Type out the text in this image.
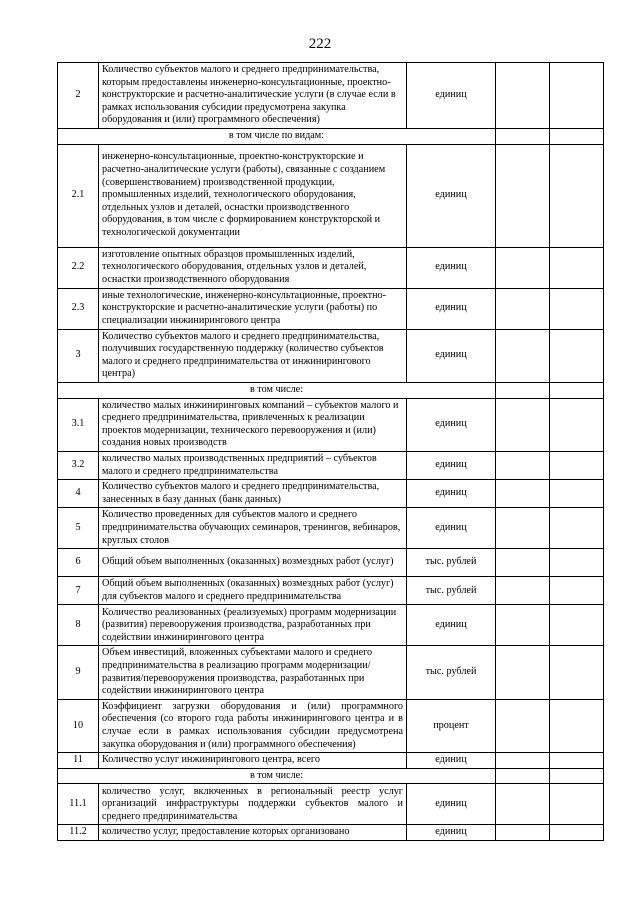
222
2	Количество субъектов малого и среднего предпринимательства, которым предоставлены инженерно-консультационные, проектно-конструкторские и расчетно-аналитические услуги (в случае если в рамках использования субсидии предусмотрена закупка оборудования и (или) программного обеспечения)	единиц		
в том числе по видам:				
2.1	инженерно-консультационные, проектно-конструкторские и расчетно-аналитические услуги (работы), связанные с созданием (совершенствованием) производственной продукции, промышленных изделий, технологического оборудования, отдельных узлов и деталей, оснастки производственного оборудования, в том числе с формированием конструкторской и технологической документации	единиц		
2.2	изготовление опытных образцов промышленных изделий, технологического оборудования, отдельных узлов и деталей, оснастки производственного оборудования	единиц		
2.3	иные технологические, инженерно-консультационные, проектно-конструкторские и расчетно-аналитические услуги (работы) по специализации инжинирингового центра	единиц		
3	Количество субъектов малого и среднего предпринимательства, получивших государственную поддержку (количество субъектов малого и среднего предпринимательства от инжинирингового центра)	единиц		
в том числе:				
3.1	количество малых инжиниринговых компаний – субъектов малого и среднего предпринимательства, привлеченных к реализации проектов модернизации, технического перевооружения и (или) создания новых производств	единиц		
3.2	количество малых производственных предприятий – субъектов малого и среднего предпринимательства	единиц		
4	Количество субъектов малого и среднего предпринимательства, занесенных в базу данных (банк данных)	единиц		
5	Количество проведенных для субъектов малого и среднего предпринимательства обучающих семинаров, тренингов, вебинаров, круглых столов	единиц		
6	Общий объем выполненных (оказанных) возмездных работ (услуг)	тыс. рублей		
7	Общий объем выполненных (оказанных) возмездных работ (услуг) для субъектов малого и среднего предпринимательства	тыс. рублей		
8	Количество реализованных (реализуемых) программ модернизации (развития) перевооружения производства, разработанных при содействии инжинирингового центра	единиц		
9	Объем инвестиций, вложенных субъектами малого и среднего предпринимательства в реализацию программ модернизации/развития/перевооружения производства, разработанных при содействии инжинирингового центра	тыс. рублей		
10	Коэффициент загрузки оборудования и (или) программного обеспечения (со второго года работы инжинирингового центра и в случае если в рамках использования субсидии предусмотрена закупка оборудования и (или) программного обеспечения)	процент		
11	Количество услуг инжинирингового центра, всего	единиц		
в том числе:				
11.1	количество услуг, включенных в региональный реестр услуг организаций инфраструктуры поддержки субъектов малого и среднего предпринимательства	единиц		
11.2	количество услуг, предоставление которых организовано	единиц		
